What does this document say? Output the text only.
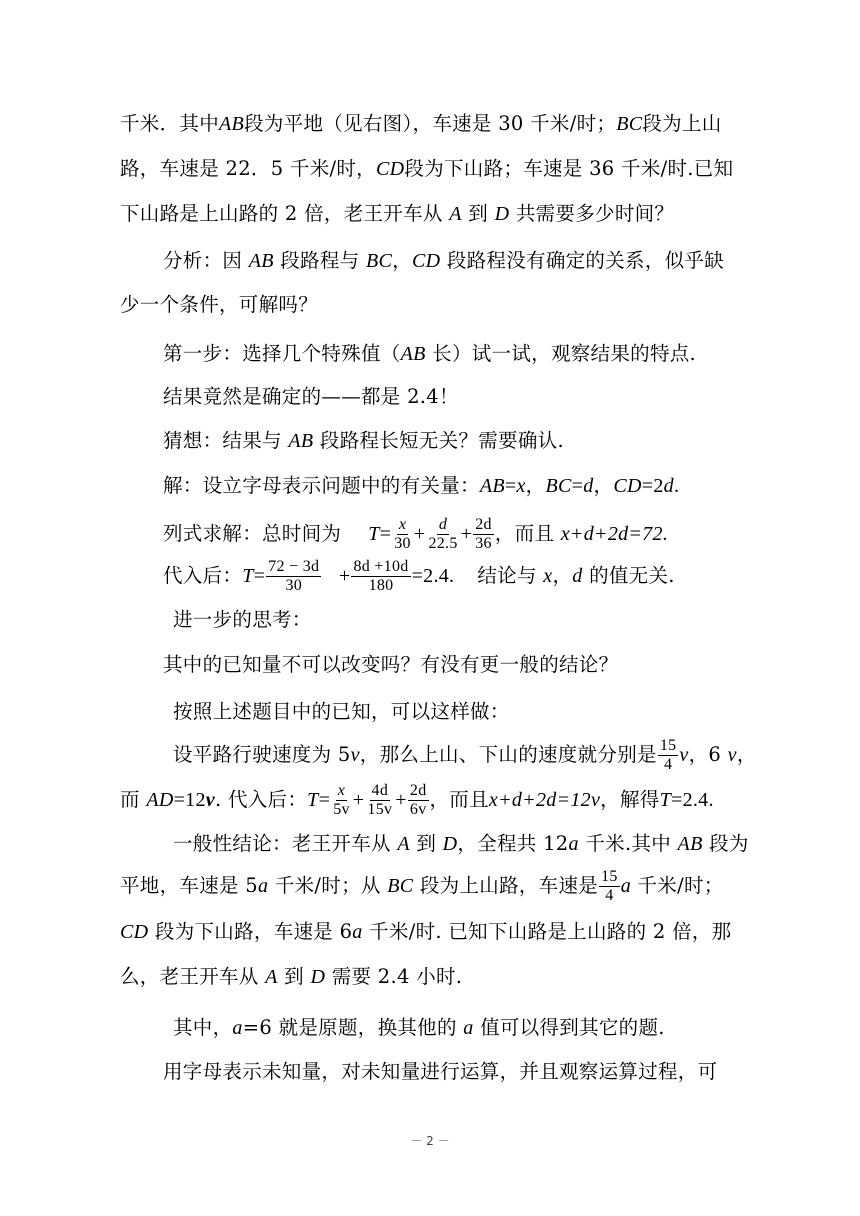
千米．其中AB段为平地（见右图），车速是 30 千米/时；BC段为上山
路，车速是 22．5 千米/时，CD段为下山路；车速是 36 千米/时.已知
下山路是上山路的 2 倍，老王开车从 A 到 D 共需要多少时间？
分析：因 AB 段路程与 BC，CD 段路程没有确定的关系，似乎缺
少一个条件，可解吗？
第一步：选择几个特殊值（AB 长）试一试，观察结果的特点.
结果竟然是确定的——都是 2.4！
猜想：结果与 AB 段路程长短无关？需要确认.
解：设立字母表示问题中的有关量：AB=x，BC=d，CD=2d.
列式求解：总时间为 $T= \frac{x}{30} + \frac{d}{22.5} + \frac{2d}{36}$ ，而且 x+d+2d=72.
代入后：$T= \frac{72 - 3d}{30} + \frac{8d +10d}{180} =2.4$. 结论与 x，d 的值无关.
进一步的思考：
其中的已知量不可以改变吗？有没有更一般的结论？
按照上述题目中的已知，可以这样做：
设平路行驶速度为 5v，那么上山、下山的速度就分别是 $\frac{15}{4}$ v，6 v，
而 AD=12v. 代入后：$T= \frac{x}{5v} + \frac{4d}{15v} + \frac{2d}{6v}$ ，而且x+d+2d=12v，解得T=2.4.
一般性结论：老王开车从 A 到 D，全程共 12a 千米.其中 AB 段为
平地，车速是 5a 千米/时；从 BC 段为上山路，车速是 $\frac{15}{4}$ a 千米/时；
CD 段为下山路，车速是 6a 千米/时. 已知下山路是上山路的 2 倍，那
么，老王开车从 A 到 D 需要 2.4 小时.
其中，a=6 就是原题，换其他的 a 值可以得到其它的题.
用字母表示未知量，对未知量进行运算，并且观察运算过程，可
－ 2 －
